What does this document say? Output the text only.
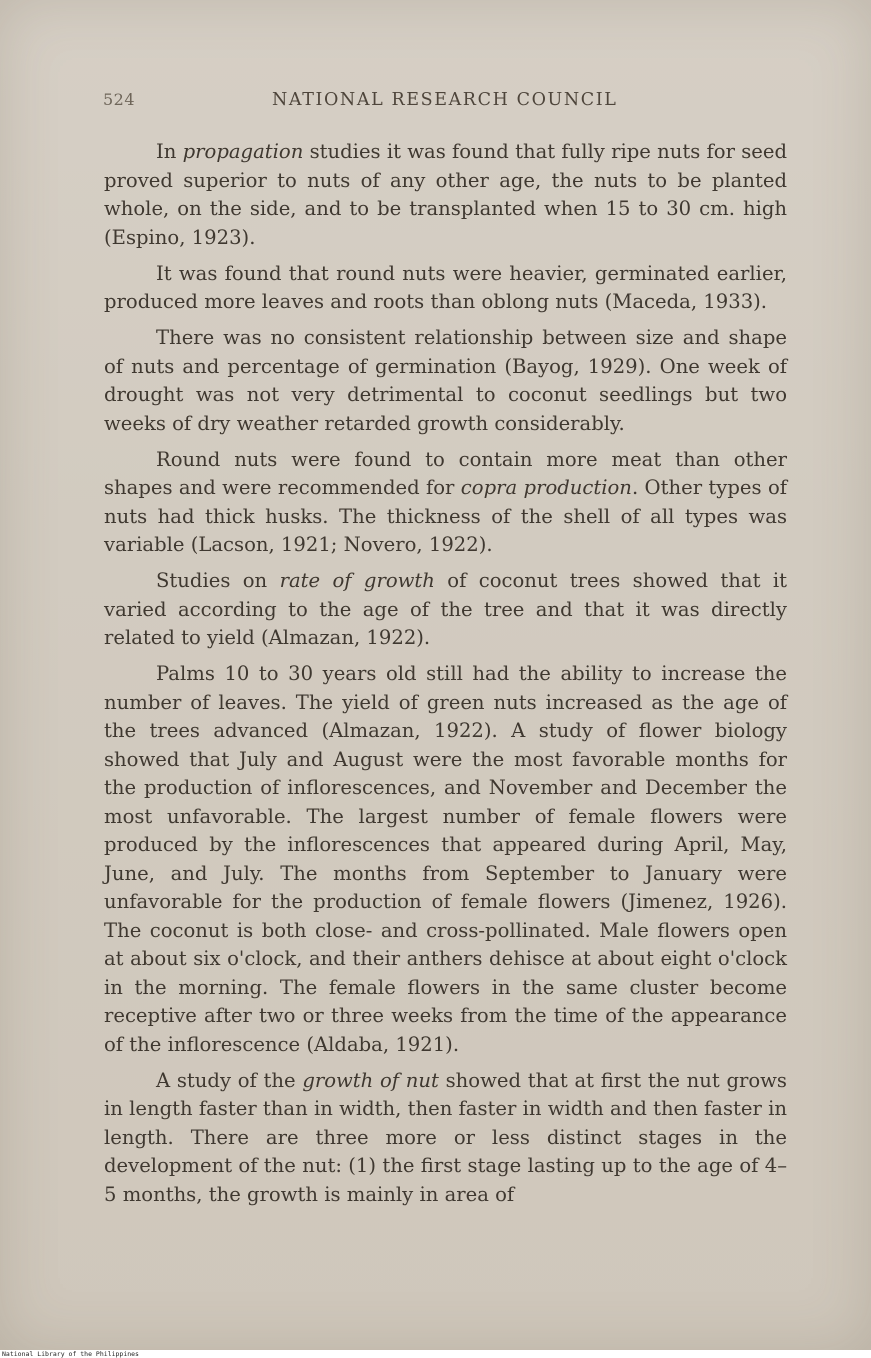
524	NATIONAL RESEARCH COUNCIL

In propagation studies it was found that fully ripe nuts for seed proved superior to nuts of any other age, the nuts to be planted whole, on the side, and to be transplanted when 15 to 30 cm. high (Espino, 1923).

It was found that round nuts were heavier, germinated earlier, produced more leaves and roots than oblong nuts (Maceda, 1933).

There was no consistent relationship between size and shape of nuts and percentage of germination (Bayog, 1929). One week of drought was not very detrimental to coconut seedlings but two weeks of dry weather retarded growth considerably.

Round nuts were found to contain more meat than other shapes and were recommended for copra production. Other types of nuts had thick husks. The thickness of the shell of all types was variable (Lacson, 1921; Novero, 1922).

Studies on rate of growth of coconut trees showed that it varied according to the age of the tree and that it was directly related to yield (Almazan, 1922).

Palms 10 to 30 years old still had the ability to increase the number of leaves. The yield of green nuts increased as the age of the trees advanced (Almazan, 1922). A study of flower biology showed that July and August were the most favorable months for the production of inflorescences, and November and December the most unfavorable. The largest number of female flowers were produced by the inflorescences that appeared during April, May, June, and July. The months from September to January were unfavorable for the production of female flowers (Jimenez, 1926). The coconut is both close- and cross-pollinated. Male flowers open at about six o'clock, and their anthers dehisce at about eight o'clock in the morning. The female flowers in the same cluster become receptive after two or three weeks from the time of the appearance of the inflorescence (Aldaba, 1921).

A study of the growth of nut showed that at first the nut grows in length faster than in width, then faster in width and then faster in length. There are three more or less distinct stages in the development of the nut: (1) the first stage lasting up to the age of 4–5 months, the growth is mainly in area of

National Library of the Philippines
